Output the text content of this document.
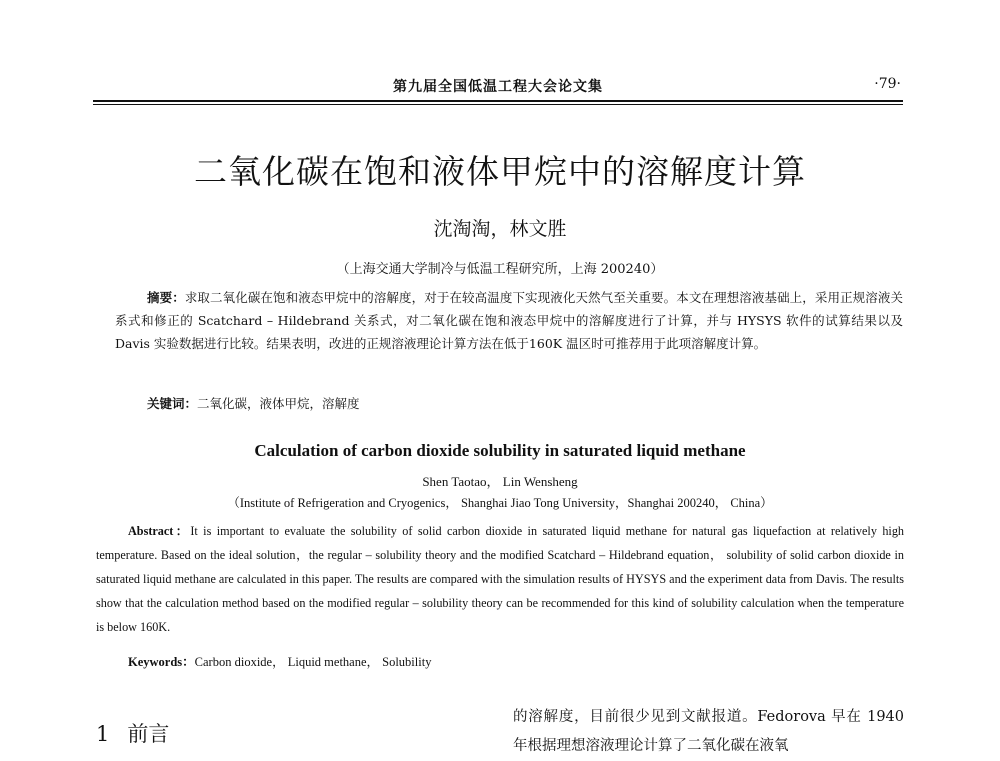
第九届全国低温工程大会论文集	·79·
二氧化碳在饱和液体甲烷中的溶解度计算
沈淘淘，林文胜
（上海交通大学制冷与低温工程研究所，上海 200240）
摘要：求取二氧化碳在饱和液态甲烷中的溶解度，对于在较高温度下实现液化天然气至关重要。本文在理想溶液基础上，采用正规溶液关系式和修正的 Scatchard – Hildebrand 关系式，对二氧化碳在饱和液态甲烷中的溶解度进行了计算，并与 HYSYS 软件的试算结果以及 Davis 实验数据进行比较。结果表明，改进的正规溶液理论计算方法在低于160K 温区时可推荐用于此项溶解度计算。
关键词：二氧化碳，液体甲烷，溶解度
Calculation of carbon dioxide solubility in saturated liquid methane
Shen Taotao， Lin Wensheng
（Institute of Refrigeration and Cryogenics， Shanghai Jiao Tong University，Shanghai 200240， China）
Abstract：It is important to evaluate the solubility of solid carbon dioxide in saturated liquid methane for natural gas liquefaction at relatively high temperature. Based on the ideal solution，the regular – solubility theory and the modified Scatchard – Hildebrand equation， solubility of solid carbon dioxide in saturated liquid methane are calculated in this paper. The results are compared with the simulation results of HYSYS and the experiment data from Davis. The results show that the calculation method based on the modified regular – solubility theory can be recommended for this kind of solubility calculation when the temperature is below 160K.
Keywords：Carbon dioxide， Liquid methane， Solubility
1 前言
的溶解度，目前很少见到文献报道。Fedorova 早在 1940 年根据理想溶液理论计算了二氧化碳在液氧
